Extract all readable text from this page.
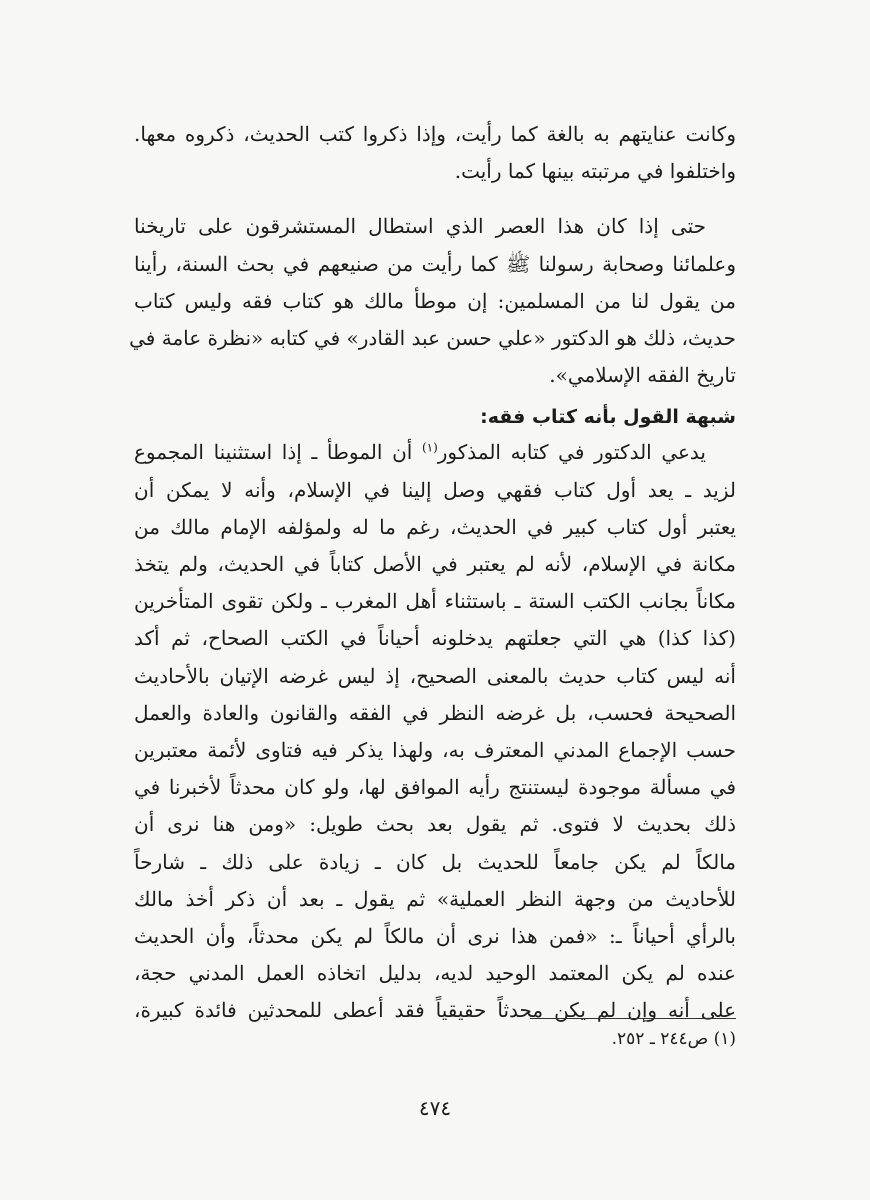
وكانت عنايتهم به بالغة كما رأيت، وإذا ذكروا كتب الحديث، ذكروه معها.
واختلفوا في مرتبته بينها كما رأيت.

حتى إذا كان هذا العصر الذي استطال المستشرقون على تاريخنا
وعلمائنا وصحابة رسولنا ﷺ كما رأيت من صنيعهم في بحث السنة، رأينا
من يقول لنا من المسلمين: إن موطأ مالك هو كتاب فقه وليس كتاب
حديث، ذلك هو الدكتور «علي حسن عبد القادر» في كتابه «نظرة عامة في
تاريخ الفقه الإسلامي».

شبهة القول بأنه كتاب فقه:

يدعي الدكتور في كتابه المذكور$^{(١)}$ أن الموطأ ـ إذا استثنينا المجموع
لزيد ـ يعد أول كتاب فقهي وصل إلينا في الإسلام، وأنه لا يمكن أن
يعتبر أول كتاب كبير في الحديث، رغم ما له ولمؤلفه الإمام مالك من
مكانة في الإسلام، لأنه لم يعتبر في الأصل كتاباً في الحديث، ولم يتخذ
مكاناً بجانب الكتب الستة ـ باستثناء أهل المغرب ـ ولكن تقوى المتأخرين
(كذا كذا) هي التي جعلتهم يدخلونه أحياناً في الكتب الصحاح، ثم أكد
أنه ليس كتاب حديث بالمعنى الصحيح، إذ ليس غرضه الإتيان بالأحاديث
الصحيحة فحسب، بل غرضه النظر في الفقه والقانون والعادة والعمل
حسب الإجماع المدني المعترف به، ولهذا يذكر فيه فتاوى لأئمة معتبرين
في مسألة موجودة ليستنتج رأيه الموافق لها، ولو كان محدثاً لأخبرنا في
ذلك بحديث لا فتوى. ثم يقول بعد بحث طويل: «ومن هنا نرى أن
مالكاً لم يكن جامعاً للحديث بل كان ـ زيادة على ذلك ـ شارحاً
للأحاديث من وجهة النظر العملية» ثم يقول ـ بعد أن ذكر أخذ مالك
بالرأي أحياناً ـ: «فمن هذا نرى أن مالكاً لم يكن محدثاً، وأن الحديث
عنده لم يكن المعتمد الوحيد لديه، بدليل اتخاذه العمل المدني حجة،
على أنه وإن لم يكن محدثاً حقيقياً فقد أعطى للمحدثين فائدة كبيرة،

(١) ص٢٤٤ ـ ٢٥٢.
٤٧٤
